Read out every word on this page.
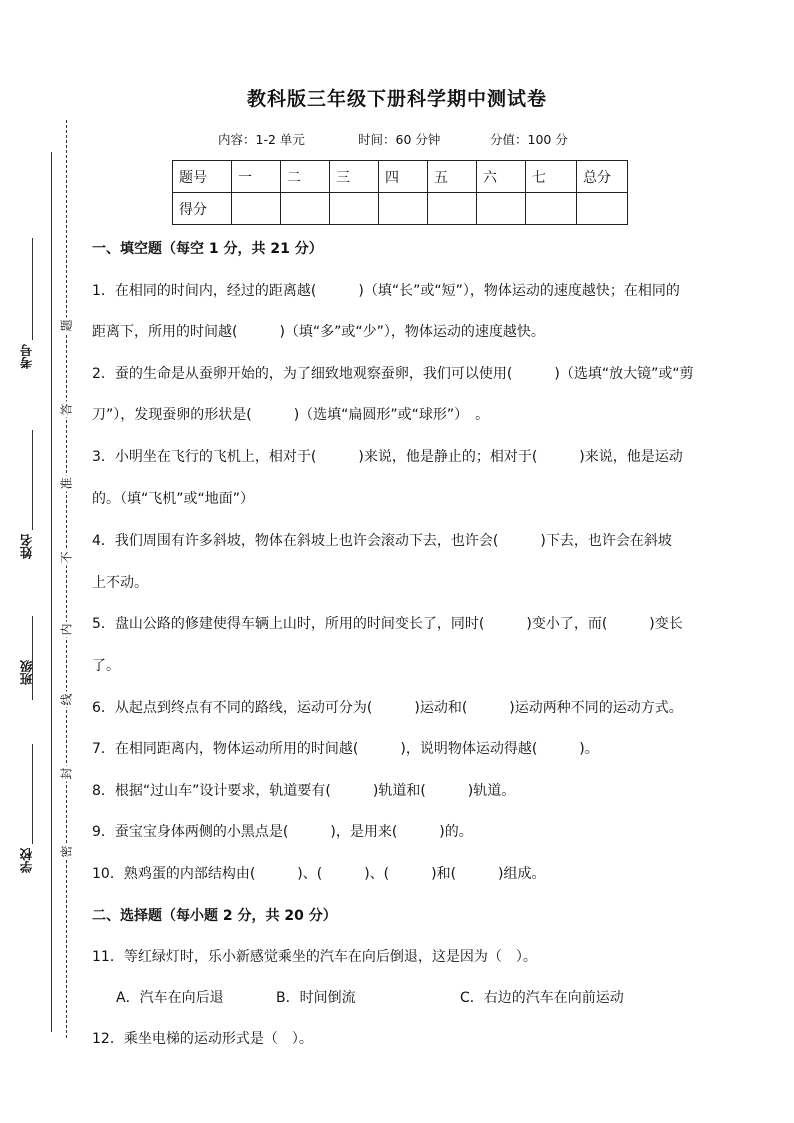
教科版三年级下册科学期中测试卷
内容：1-2 单元	时间：60 分钟	分值：100 分
题号	一	二	三	四	五	六	七	总分
得分								
考号
姓名
班级
学校
题
答
准
不
内
线
封
密
一、填空题（每空 1 分，共 21 分）
1．在相同的时间内，经过的距离越(　　　)（填“长”或“短”），物体运动的速度越快；在相同的
距离下，所用的时间越(　　　)（填“多”或“少”），物体运动的速度越快。
2．蚕的生命是从蚕卵开始的，为了细致地观察蚕卵，我们可以使用(　　　)（选填“放大镜”或“剪
刀”），发现蚕卵的形状是(　　　)（选填“扁圆形”或“球形”）　。
3．小明坐在飞行的飞机上，相对于(　　　)来说，他是静止的；相对于(　　　)来说，他是运动
的。（填“飞机”或“地面”）
4．我们周围有许多斜坡，物体在斜坡上也许会滚动下去，也许会(　　　)下去，也许会在斜坡
上不动。
5．盘山公路的修建使得车辆上山时，所用的时间变长了，同时(　　　)变小了，而(　　　)变长
了。
6．从起点到终点有不同的路线，运动可分为(　　　)运动和(　　　)运动两种不同的运动方式。
7．在相同距离内，物体运动所用的时间越(　　　)，说明物体运动得越(　　　)。
8．根据“过山车”设计要求，轨道要有(　　　)轨道和(　　　)轨道。
9．蚕宝宝身体两侧的小黑点是(　　　)，是用来(　　　)的。
10．熟鸡蛋的内部结构由(　　　)、(　　　)、(　　　)和(　　　)组成。
二、选择题（每小题 2 分，共 20 分）
11．等红绿灯时，乐小新感觉乘坐的汽车在向后倒退，这是因为（　）。
A．汽车在向后退	B．时间倒流	C．右边的汽车在向前运动
12．乘坐电梯的运动形式是（　）。
